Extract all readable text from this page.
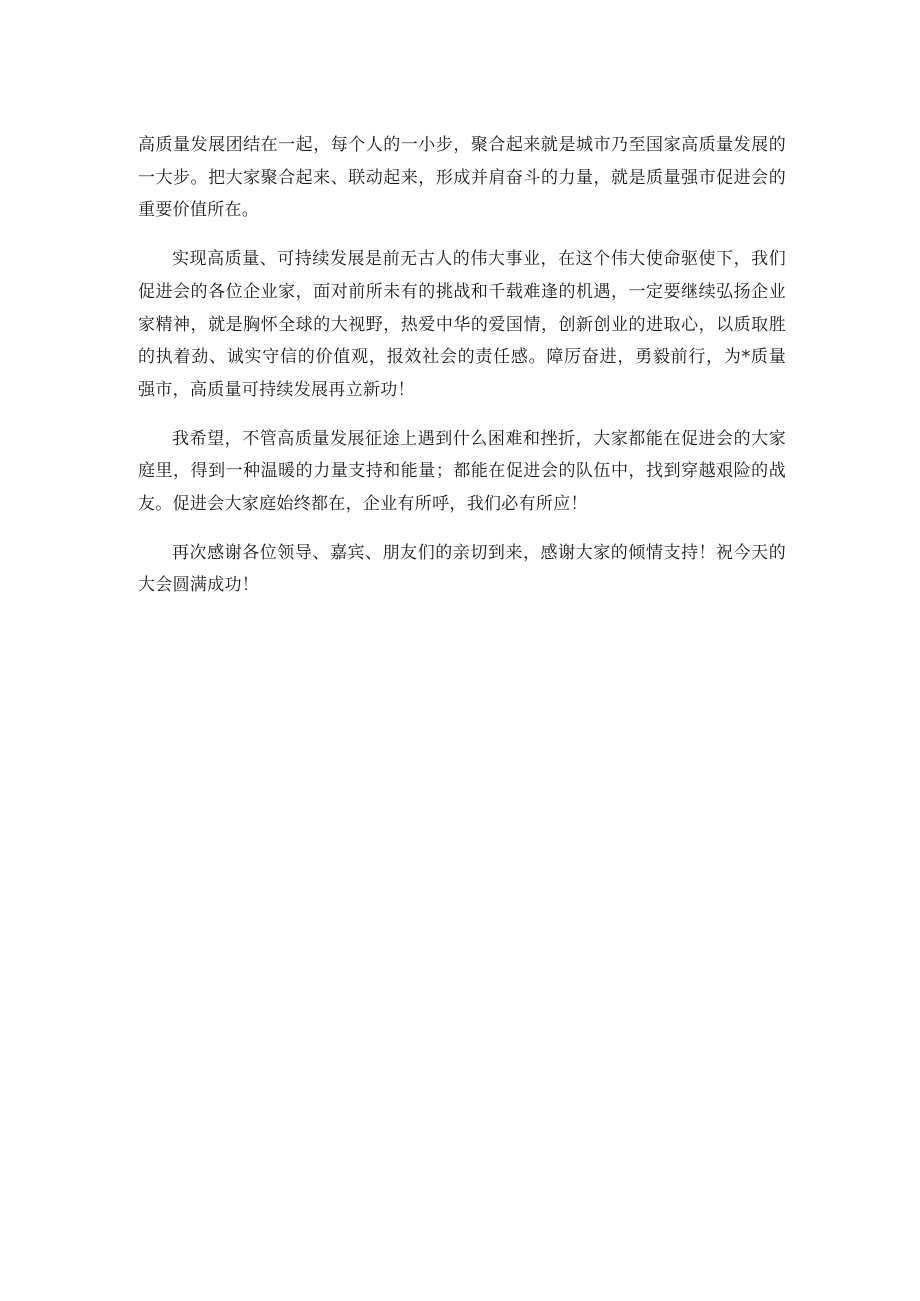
高质量发展团结在一起，每个人的一小步，聚合起来就是城市乃至国家高质量发展的一大步。把大家聚合起来、联动起来，形成并肩奋斗的力量，就是质量强市促进会的重要价值所在。

实现高质量、可持续发展是前无古人的伟大事业，在这个伟大使命驱使下，我们促进会的各位企业家，面对前所未有的挑战和千载难逢的机遇，一定要继续弘扬企业家精神，就是胸怀全球的大视野，热爱中华的爱国情，创新创业的进取心，以质取胜的执着劲、诚实守信的价值观，报效社会的责任感。障厉奋进，勇毅前行，为*质量强市，高质量可持续发展再立新功！

我希望，不管高质量发展征途上遇到什么困难和挫折，大家都能在促进会的大家庭里，得到一种温暖的力量支持和能量；都能在促进会的队伍中，找到穿越艰险的战友。促进会大家庭始终都在，企业有所呼，我们必有所应！

再次感谢各位领导、嘉宾、朋友们的亲切到来，感谢大家的倾情支持！祝今天的大会圆满成功！
